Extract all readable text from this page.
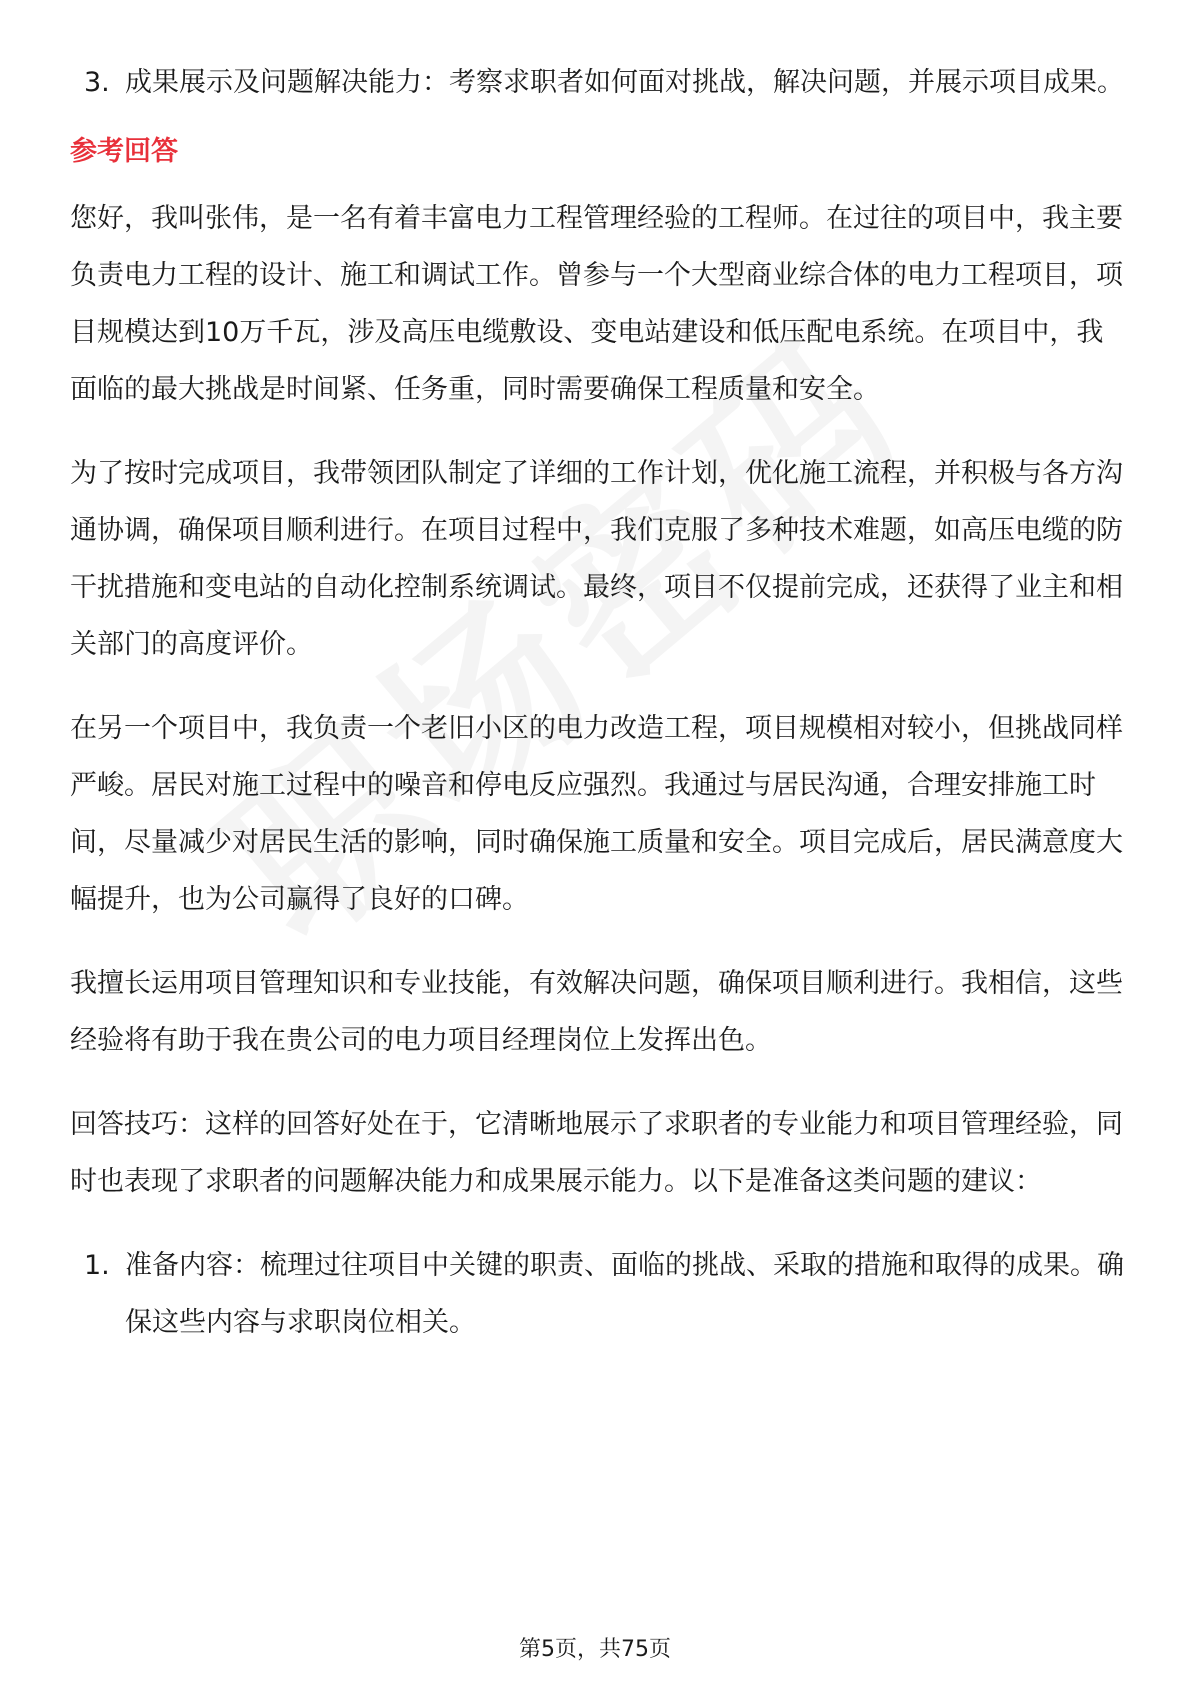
3. 成果展示及问题解决能力：考察求职者如何面对挑战，解决问题，并展示项目成果。
参考回答

您好，我叫张伟，是一名有着丰富电力工程管理经验的工程师。在过往的项目中，我主要负责电力工程的设计、施工和调试工作。曾参与一个大型商业综合体的电力工程项目，项目规模达到10万千瓦，涉及高压电缆敷设、变电站建设和低压配电系统。在项目中，我面临的最大挑战是时间紧、任务重，同时需要确保工程质量和安全。

为了按时完成项目，我带领团队制定了详细的工作计划，优化施工流程，并积极与各方沟通协调，确保项目顺利进行。在项目过程中，我们克服了多种技术难题，如高压电缆的防干扰措施和变电站的自动化控制系统调试。最终，项目不仅提前完成，还获得了业主和相关部门的高度评价。

在另一个项目中，我负责一个老旧小区的电力改造工程，项目规模相对较小，但挑战同样严峻。居民对施工过程中的噪音和停电反应强烈。我通过与居民沟通，合理安排施工时间，尽量减少对居民生活的影响，同时确保施工质量和安全。项目完成后，居民满意度大幅提升，也为公司赢得了良好的口碑。

我擅长运用项目管理知识和专业技能，有效解决问题，确保项目顺利进行。我相信，这些经验将有助于我在贵公司的电力项目经理岗位上发挥出色。

回答技巧：这样的回答好处在于，它清晰地展示了求职者的专业能力和项目管理经验，同时也表现了求职者的问题解决能力和成果展示能力。以下是准备这类问题的建议：

1. 准备内容：梳理过往项目中关键的职责、面临的挑战、采取的措施和取得的成果。确保这些内容与求职岗位相关。
第5页，共75页
